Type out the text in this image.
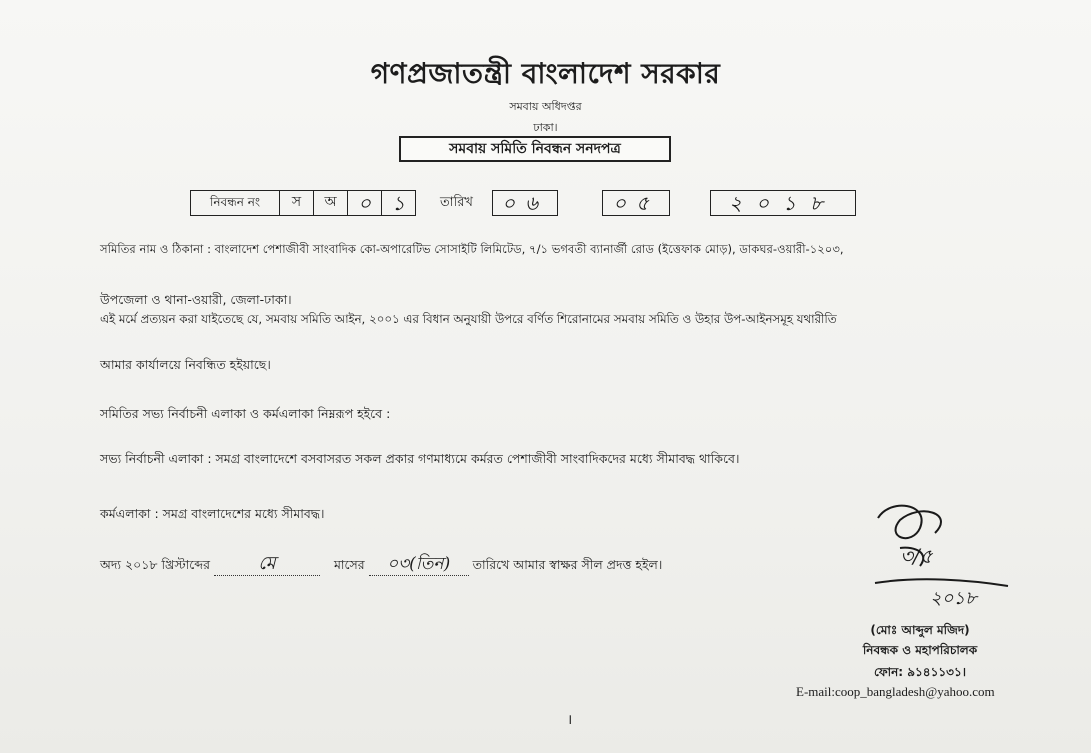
গণপ্রজাতন্ত্রী বাংলাদেশ সরকার
সমবায় অধিদপ্তর
ঢাকা।
সমবায় সমিতি নিবন্ধন সনদপত্র
নিবন্ধন নং	স	অ	০	১	তারিখ	০৬	০৫	২০১৮
সমিতির নাম ও ঠিকানা : বাংলাদেশ পেশাজীবী সাংবাদিক কো-অপারেটিভ সোসাইটি লিমিটেড, ৭/১ ভগবতী ব্যানার্জী রোড (ইত্তেফাক মোড়), ডাকঘর-ওয়ারী-১২০৩,
উপজেলা ও থানা-ওয়ারী, জেলা-ঢাকা।
এই মর্মে প্রত্যয়ন করা যাইতেছে যে, সমবায় সমিতি আইন, ২০০১ এর বিধান অনুযায়ী উপরে বর্ণিত শিরোনামের সমবায় সমিতি ও উহার উপ-আইনসমূহ যথারীতি
আমার কার্যালয়ে নিবন্ধিত হইয়াছে।
সমিতির সভ্য নির্বাচনী এলাকা ও কর্মএলাকা নিম্নরূপ হইবে :
সভ্য নির্বাচনী এলাকা : সমগ্র বাংলাদেশে বসবাসরত সকল প্রকার গণমাধ্যমে কর্মরত পেশাজীবী সাংবাদিকদের মধ্যে সীমাবদ্ধ থাকিবে।
কর্মএলাকা : সমগ্র বাংলাদেশের মধ্যে সীমাবদ্ধ।
অদ্য ২০১৮ খ্রিস্টাব্দের	মে	মাসের ০৩(তিন) তারিখে আমার স্বাক্ষর সীল প্রদত্ত হইল।	৩/৫
২০১৮
(মোঃ আব্দুল মজিদ)
নিবন্ধক ও মহাপরিচালক
ফোন: ৯১৪১১৩১।
E-mail:coop_bangladesh@yahoo.com
।
